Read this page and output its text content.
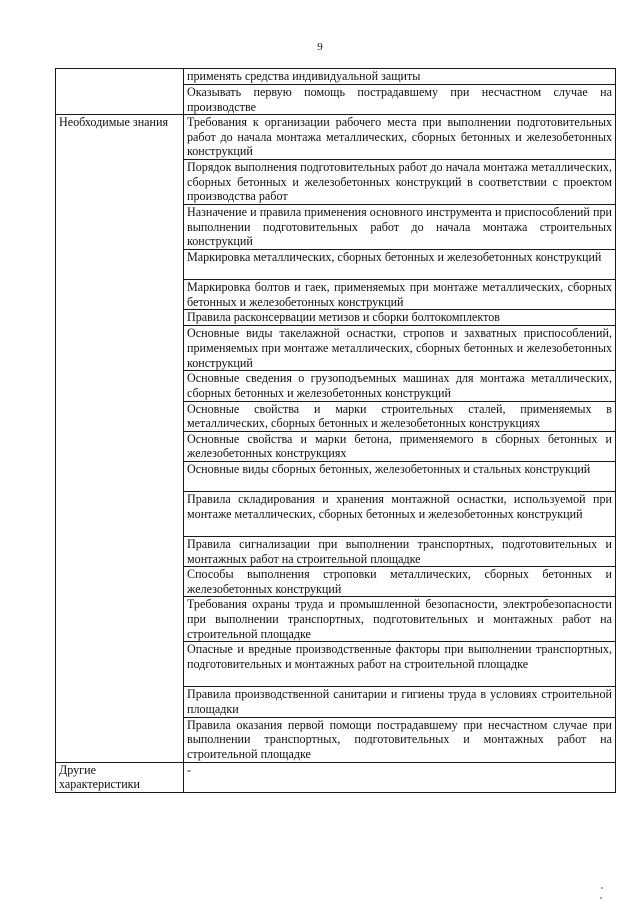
9
	применять средства индивидуальной защиты
	Оказывать первую помощь пострадавшему при несчастном случае на производстве
Необходимые знания	Требования к организации рабочего места при выполнении подготовительных работ до начала монтажа металлических, сборных бетонных и железобетонных конструкций
	Порядок выполнения подготовительных работ до начала монтажа металлических, сборных бетонных и железобетонных конструкций в соответствии с проектом производства работ
	Назначение и правила применения основного инструмента и приспособлений при выполнении подготовительных работ до начала монтажа строительных конструкций
	Маркировка металлических, сборных бетонных и железобетонных конструкций
	Маркировка болтов и гаек, применяемых при монтаже металлических, сборных бетонных и железобетонных конструкций
	Правила расконсервации метизов и сборки болтокомплектов
	Основные виды такелажной оснастки, стропов и захватных приспособлений, применяемых при монтаже металлических, сборных бетонных и железобетонных конструкций
	Основные сведения о грузоподъемных машинах для монтажа металлических, сборных бетонных и железобетонных конструкций
	Основные свойства и марки строительных сталей, применяемых в металлических, сборных бетонных и железобетонных конструкциях
	Основные свойства и марки бетона, применяемого в сборных бетонных и железобетонных конструкциях
	Основные виды сборных бетонных, железобетонных и стальных конструкций
	Правила складирования и хранения монтажной оснастки, используемой при монтаже металлических, сборных бетонных и железобетонных конструкций
	Правила сигнализации при выполнении транспортных, подготовительных и монтажных работ на строительной площадке
	Способы выполнения строповки металлических, сборных бетонных и железобетонных конструкций
	Требования охраны труда и промышленной безопасности, электробезопасности при выполнении транспортных, подготовительных и монтажных работ на строительной площадке
	Опасные и вредные производственные факторы при выполнении транспортных, подготовительных и монтажных работ на строительной площадке
	Правила производственной санитарии и гигиены труда в условиях строительной площадки
	Правила оказания первой помощи пострадавшему при несчастном случае при выполнении транспортных, подготовительных и монтажных работ на строительной площадке
Другие характеристики	-
